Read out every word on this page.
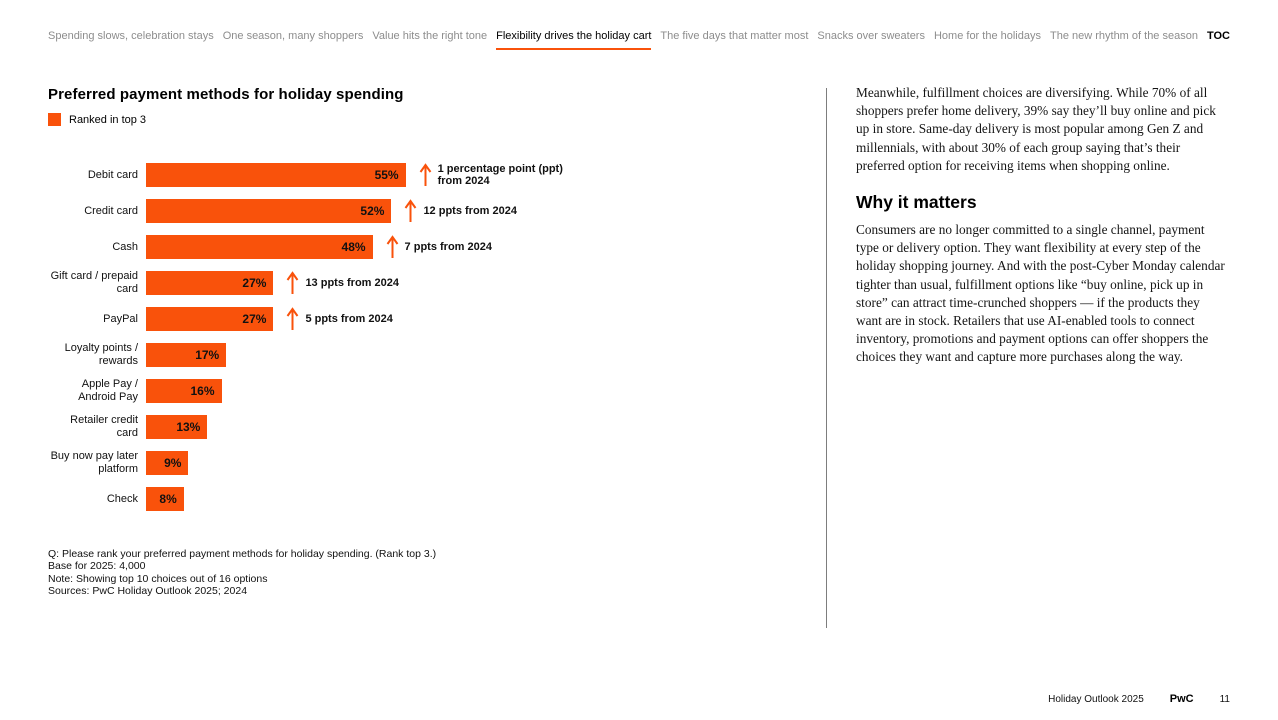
Spending slows, celebration stays One season, many shoppers Value hits the right tone Flexibility drives the holiday cart The five days that matter most Snacks over sweaters Home for the holidays The new rhythm of the season TOC
Preferred payment methods for holiday spending
Ranked in top 3
Debit card	55%	1 percentage point (ppt) from 2024
Credit card	52%	12 ppts from 2024
Cash	48%	7 ppts from 2024
Gift card / prepaid card	27%	13 ppts from 2024
PayPal	27%	5 ppts from 2024
Loyalty points / rewards	17%
Apple Pay / Android Pay	16%
Retailer credit card	13%
Buy now pay later platform 9%
Check 8%
Q: Please rank your preferred payment methods for holiday spending. (Rank top 3.)
Base for 2025: 4,000
Note: Showing top 10 choices out of 16 options
Sources: PwC Holiday Outlook 2025; 2024

Meanwhile, fulfillment choices are diversifying. While 70% of all shoppers prefer home delivery, 39% say they’ll buy online and pick up in store. Same-day delivery is most popular among Gen Z and millennials, with about 30% of each group saying that’s their preferred option for receiving items when shopping online.

Why it matters

Consumers are no longer committed to a single channel, payment type or delivery option. They want flexibility at every step of the holiday shopping journey. And with the post-Cyber Monday calendar tighter than usual, fulfillment options like “buy online, pick up in store” can attract time-crunched shoppers — if the products they want are in stock. Retailers that use AI-enabled tools to connect inventory, promotions and payment options can offer shoppers the choices they want and capture more purchases along the way.

Holiday Outlook 2025 PwC	11
